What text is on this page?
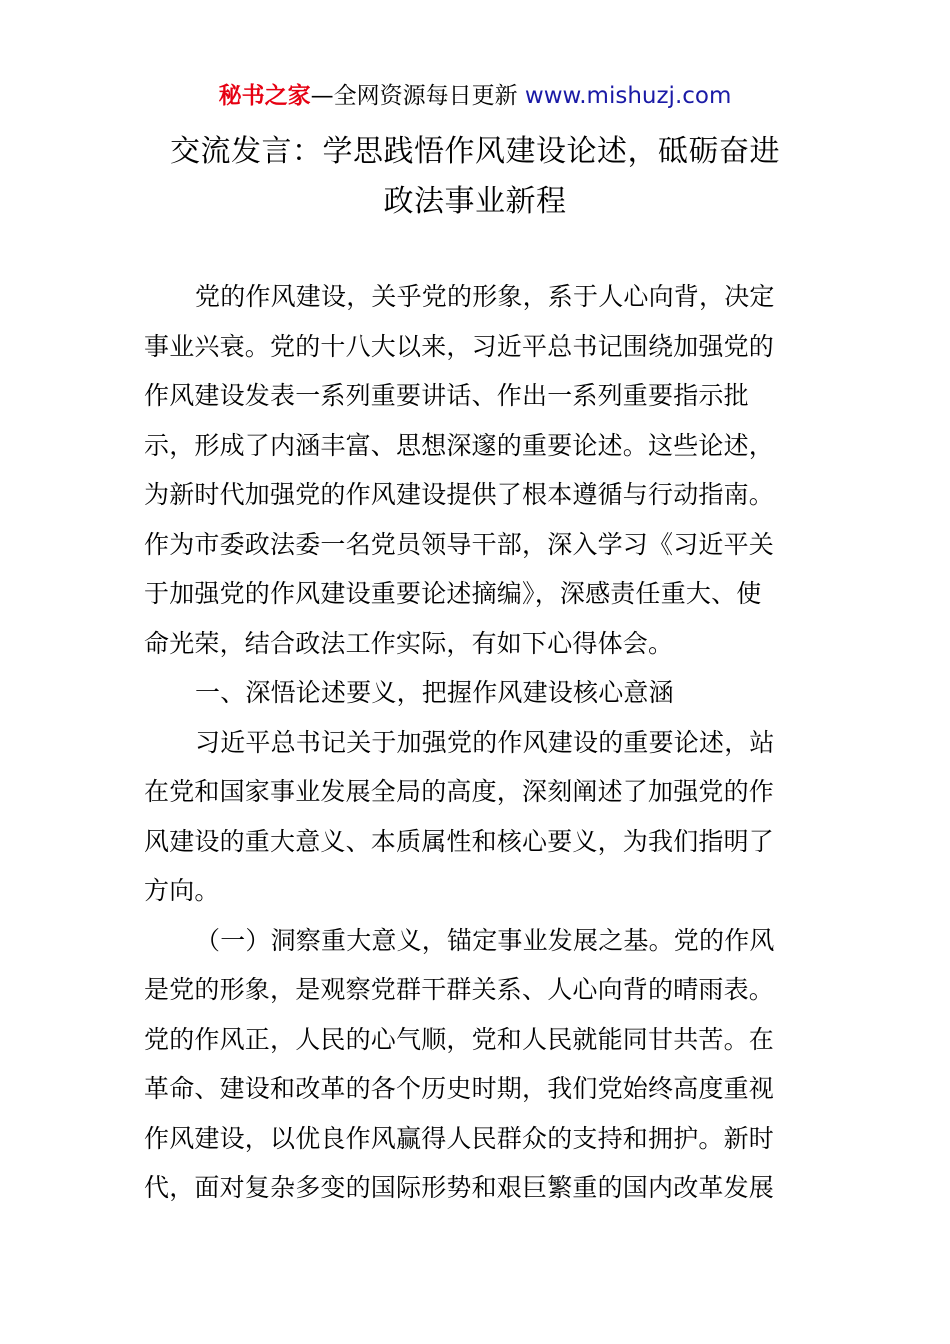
秘书之家—全网资源每日更新 www.mishuzj.com
交流发言：学思践悟作风建设论述，砥砺奋进
政法事业新程
党的作风建设，关乎党的形象，系于人心向背，决定
事业兴衰。党的十八大以来，习近平总书记围绕加强党的
作风建设发表一系列重要讲话、作出一系列重要指示批
示，形成了内涵丰富、思想深邃的重要论述。这些论述，
为新时代加强党的作风建设提供了根本遵循与行动指南。
作为市委政法委一名党员领导干部，深入学习《习近平关
于加强党的作风建设重要论述摘编》，深感责任重大、使
命光荣，结合政法工作实际，有如下心得体会。
一、深悟论述要义，把握作风建设核心意涵
习近平总书记关于加强党的作风建设的重要论述，站
在党和国家事业发展全局的高度，深刻阐述了加强党的作
风建设的重大意义、本质属性和核心要义，为我们指明了
方向。
（一）洞察重大意义，锚定事业发展之基。党的作风
是党的形象，是观察党群干群关系、人心向背的晴雨表。
党的作风正，人民的心气顺，党和人民就能同甘共苦。在
革命、建设和改革的各个历史时期，我们党始终高度重视
作风建设，以优良作风赢得人民群众的支持和拥护。新时
代，面对复杂多变的国际形势和艰巨繁重的国内改革发展
